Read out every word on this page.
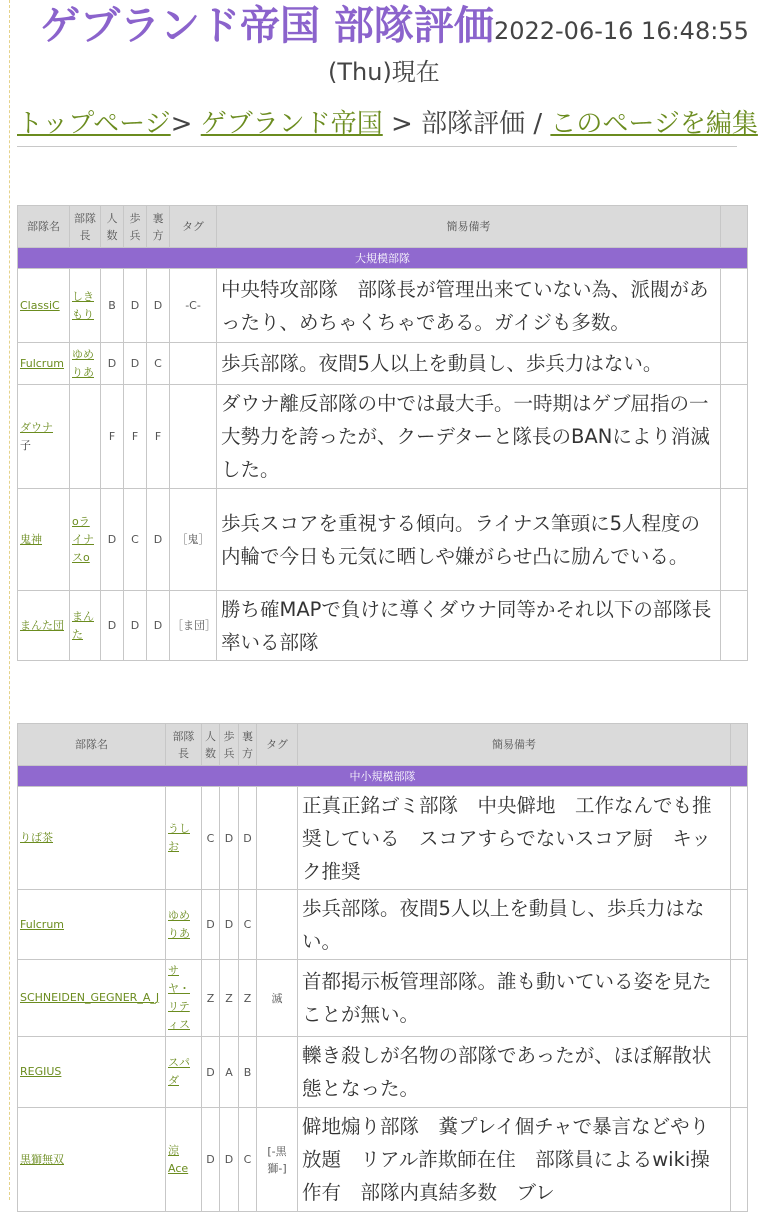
ゲブランド帝国 部隊評価2022-06-16 16:48:55
(Thu)現在
トップページ> ゲブランド帝国 > 部隊評価 / このページを編集
部隊名	部隊長	人数	歩兵	裏方	タグ	簡易備考	
大規模部隊							
ClassiC	しきもり	B	D	D	-C-	中央特攻部隊　部隊長が管理出来ていない為、派閥があったり、めちゃくちゃである。ガイジも多数。	
Fulcrum	ゆめりあ	D	D	C		歩兵部隊。夜間5人以上を動員し、歩兵力はない。	
ダウナ
子		F	F	F		ダウナ離反部隊の中では最大手。一時期はゲブ屈指の一大勢力を誇ったが、クーデターと隊長のBANにより消滅した。	
鬼神	oライナスo	D	C	D	［鬼］	歩兵スコアを重視する傾向。ライナス筆頭に5人程度の内輪で今日も元気に晒しや嫌がらせ凸に励んでいる。	
まんた団	まんた	D	D	D	［ま団］	勝ち確MAPで負けに導くダウナ同等かそれ以下の部隊長率いる部隊	
部隊名	部隊長	人数	歩兵	裏方	タグ	簡易備考	
中小規模部隊							
りぱ茶	うしお	C	D	D		正真正銘ゴミ部隊　中央僻地　工作なんでも推奨している　スコアすらでないスコア厨　キック推奨	
Fulcrum	ゆめりあ	D	D	C		歩兵部隊。夜間5人以上を動員し、歩兵力はない。	
SCHNEIDEN_GEGNER_A_J	サヤ・リティス	Z	Z	Z	滅	首都掲示板管理部隊。誰も動いている姿を見たことが無い。	
REGIUS	スパダ	D	A	B		轢き殺しが名物の部隊であったが、ほぼ解散状態となった。	
黒獅無双	涼Ace	D	D	C	[-黒獅-]	僻地煽り部隊　糞プレイ個チャで暴言などやり放題　リアル詐欺師在住　部隊員によるwiki操作有　部隊内真結多数　ブレ	
